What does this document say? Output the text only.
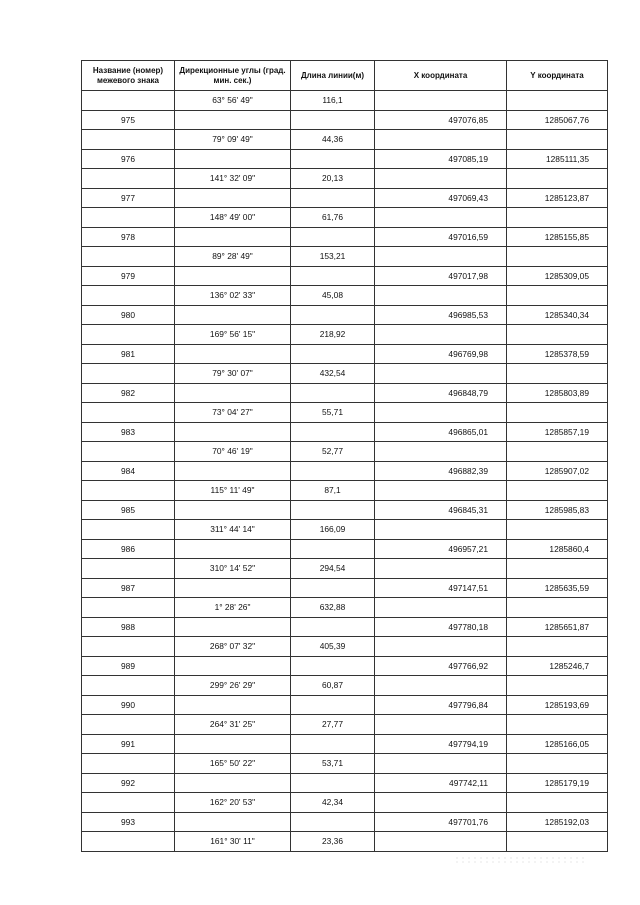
Название (номер) межевого знака	Дирекционные углы (град. мин. сек.)	Длина линии(м)	X координата	Y координата
	63° 56' 49"	116,1		
975			497076,85	1285067,76
	79° 09' 49"	44,36		
976			497085,19	1285111,35
	141° 32' 09"	20,13		
977			497069,43	1285123,87
	148° 49' 00"	61,76		
978			497016,59	1285155,85
	89° 28' 49"	153,21		
979			497017,98	1285309,05
	136° 02' 33"	45,08		
980			496985,53	1285340,34
	169° 56' 15"	218,92		
981			496769,98	1285378,59
	79° 30' 07"	432,54		
982			496848,79	1285803,89
	73° 04' 27"	55,71		
983			496865,01	1285857,19
	70° 46' 19"	52,77		
984			496882,39	1285907,02
	115° 11' 49"	87,1		
985			496845,31	1285985,83
	311° 44' 14"	166,09		
986			496957,21	1285860,4
	310° 14' 52"	294,54		
987			497147,51	1285635,59
	1° 28' 26"	632,88		
988			497780,18	1285651,87
	268° 07' 32"	405,39		
989			497766,92	1285246,7
	299° 26' 29"	60,87		
990			497796,84	1285193,69
	264° 31' 25"	27,77		
991			497794,19	1285166,05
	165° 50' 22"	53,71		
992			497742,11	1285179,19
	162° 20' 53"	42,34		
993			497701,76	1285192,03
	161° 30' 11"	23,36		
